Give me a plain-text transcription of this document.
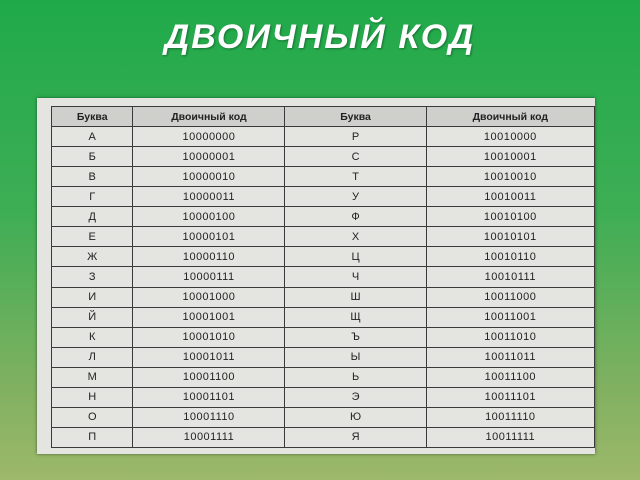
ДВОИЧНЫЙ КОД
Буква	Двоичный код	Буква	Двоичный код
А	10000000	Р	10010000
Б	10000001	С	10010001
В	10000010	Т	10010010
Г	10000011	У	10010011
Д	10000100	Ф	10010100
Е	10000101	Х	10010101
Ж	10000110	Ц	10010110
З	10000111	Ч	10010111
И	10001000	Ш	10011000
Й	10001001	Щ	10011001
К	10001010	Ъ	10011010
Л	10001011	Ы	10011011
М	10001100	Ь	10011100
Н	10001101	Э	10011101
О	10001110	Ю	10011110
П	10001111	Я	10011111
